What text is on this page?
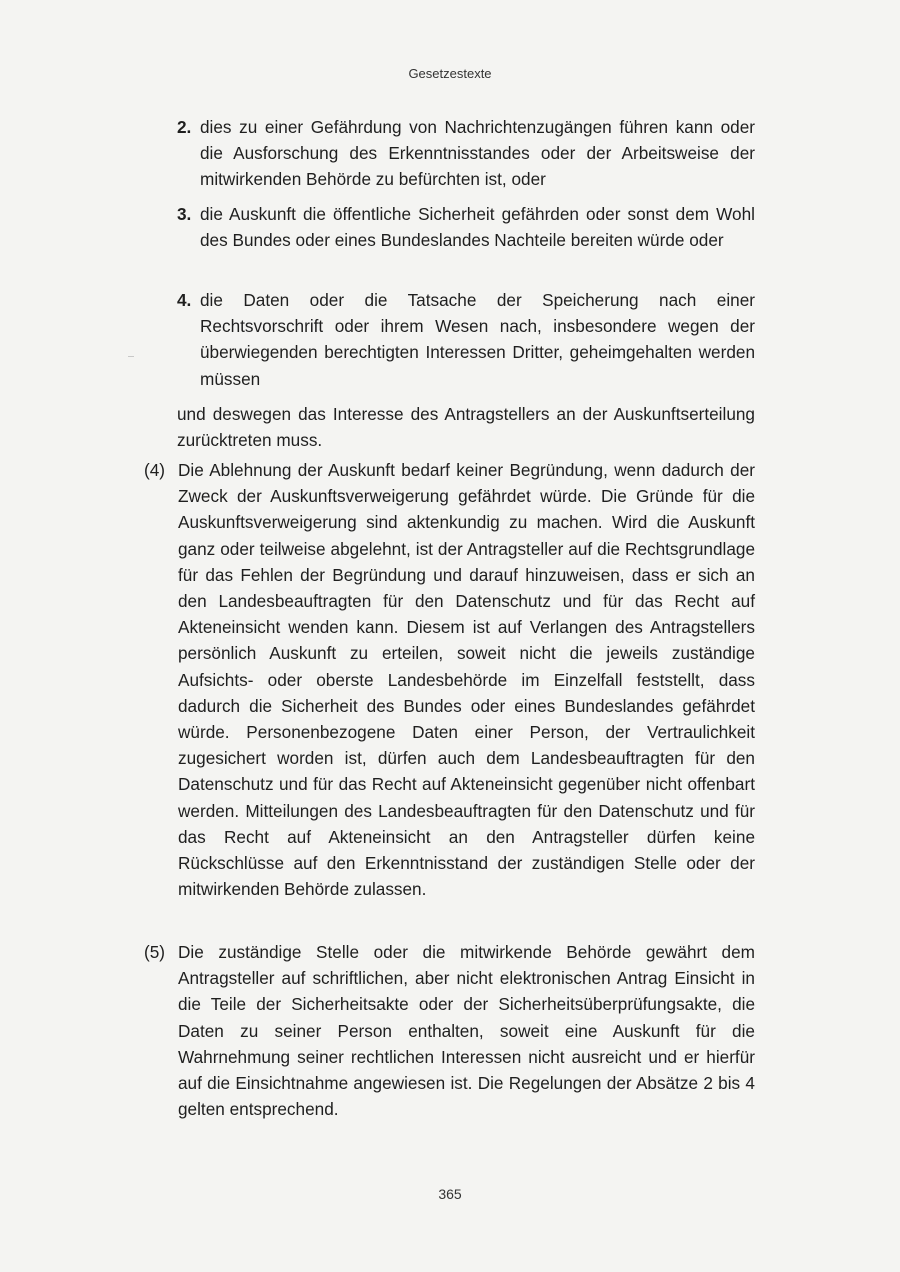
Gesetzestexte
2. dies zu einer Gefährdung von Nachrichtenzugängen führen kann oder die Ausforschung des Erkenntnisstandes oder der Arbeitsweise der mitwirkenden Behörde zu befürchten ist, oder
3. die Auskunft die öffentliche Sicherheit gefährden oder sonst dem Wohl des Bundes oder eines Bundeslandes Nachteile bereiten würde oder
4. die Daten oder die Tatsache der Speicherung nach einer Rechtsvorschrift oder ihrem Wesen nach, insbesondere wegen der überwiegenden berechtigten Interessen Dritter, geheimgehalten werden müssen
und deswegen das Interesse des Antragstellers an der Auskunftserteilung zurücktreten muss.
(4) Die Ablehnung der Auskunft bedarf keiner Begründung, wenn dadurch der Zweck der Auskunftsverweigerung gefährdet würde. Die Gründe für die Auskunftsverweigerung sind aktenkundig zu machen. Wird die Auskunft ganz oder teilweise abgelehnt, ist der Antragsteller auf die Rechtsgrundlage für das Fehlen der Begründung und darauf hinzuweisen, dass er sich an den Landesbeauftragten für den Datenschutz und für das Recht auf Akteneinsicht wenden kann. Diesem ist auf Verlangen des Antragstellers persönlich Auskunft zu erteilen, soweit nicht die jeweils zuständige Aufsichts- oder oberste Landesbehörde im Einzelfall feststellt, dass dadurch die Sicherheit des Bundes oder eines Bundeslandes gefährdet würde. Personenbezogene Daten einer Person, der Vertraulichkeit zugesichert worden ist, dürfen auch dem Landesbeauftragten für den Datenschutz und für das Recht auf Akteneinsicht gegenüber nicht offenbart werden. Mitteilungen des Landesbeauftragten für den Datenschutz und für das Recht auf Akteneinsicht an den Antragsteller dürfen keine Rückschlüsse auf den Erkenntnisstand der zuständigen Stelle oder der mitwirkenden Behörde zulassen.
(5) Die zuständige Stelle oder die mitwirkende Behörde gewährt dem Antragsteller auf schriftlichen, aber nicht elektronischen Antrag Einsicht in die Teile der Sicherheitsakte oder der Sicherheitsüberprüfungsakte, die Daten zu seiner Person enthalten, soweit eine Auskunft für die Wahrnehmung seiner rechtlichen Interessen nicht ausreicht und er hierfür auf die Einsichtnahme angewiesen ist. Die Regelungen der Absätze 2 bis 4 gelten entsprechend.
365
